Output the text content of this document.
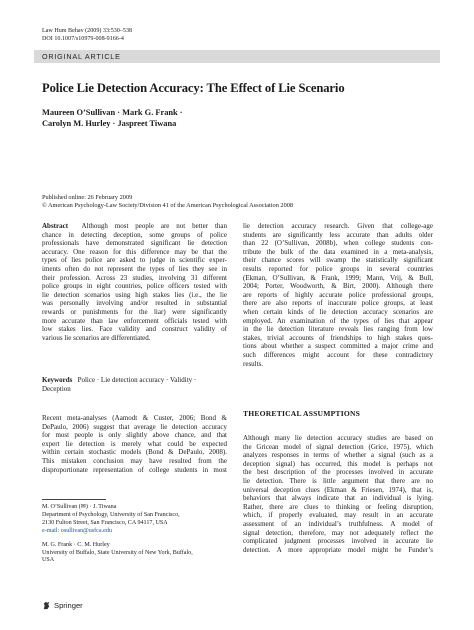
Law Hum Behav (2009) 33:530–538
DOI 10.1007/s10979-008-9166-4
ORIGINAL ARTICLE
Police Lie Detection Accuracy: The Effect of Lie Scenario
Maureen O’Sullivan · Mark G. Frank ·
Carolyn M. Hurley · Jaspreet Tiwana
Published online: 26 February 2009
© American Psychology-Law Society/Division 41 of the American Psychological Association 2008
Abstract Although most people are not better than
chance in detecting deception, some groups of police
professionals have demonstrated significant lie detection
accuracy. One reason for this difference may be that the
types of lies police are asked to judge in scientific exper-
iments often do not represent the types of lies they see in
their profession. Across 23 studies, involving 31 different
police groups in eight countries, police officers tested with
lie detection scenarios using high stakes lies (i.e., the lie
was personally involving and/or resulted in substantial
rewards or punishments for the liar) were significantly
more accurate than law enforcement officials tested with
low stakes lies. Face validity and construct validity of
various lie scenarios are differentiated.
Keywords Police · Lie detection accuracy · Validity ·
Deception
Recent meta-analyses (Aamodt & Custer, 2006; Bond &
DePaulo, 2006) suggest that average lie detection accuracy
for most people is only slightly above chance, and that
expert lie detection is merely what could be expected
within certain stochastic models (Bond & DePaulo, 2008).
This mistaken conclusion may have resulted from the
disproportionate representation of college students in most
M. O’Sullivan (✉) · J. Tiwana
Department of Psychology, University of San Francisco,
2130 Fulton Street, San Francisco, CA 94117, USA
e-mail: osullivan@usfca.edu
M. G. Frank · C. M. Hurley
University of Buffalo, State University of New York, Buffalo,
USA
Springer
lie detection accuracy research. Given that college-age
students are significantly less accurate than adults older
than 22 (O’Sullivan, 2008b), when college students con-
tribute the bulk of the data examined in a meta-analysis,
their chance scores will swamp the statistically significant
results reported for police groups in several countries
(Ekman, O’Sullivan, & Frank, 1999; Mann, Vrij, & Bull,
2004; Porter, Woodworth, & Birt, 2000). Although there
are reports of highly accurate police professional groups,
there are also reports of inaccurate police groups, at least
when certain kinds of lie detection accuracy scenarios are
employed. An examination of the types of lies that appear
in the lie detection literature reveals lies ranging from low
stakes, trivial accounts of friendships to high stakes ques-
tions about whether a suspect committed a major crime and
such differences might account for these contradictory
results.
THEORETICAL ASSUMPTIONS
Although many lie detection accuracy studies are based on
the Gricean model of signal detection (Grice, 1975), which
analyzes responses in terms of whether a signal (such as a
deception signal) has occurred, this model is perhaps not
the best description of the processes involved in accurate
lie detection. There is little argument that there are no
universal deception clues (Ekman & Friesen, 1974), that is,
behaviors that always indicate that an individual is lying.
Rather, there are clues to thinking or feeling disruption,
which, if properly evaluated, may result in an accurate
assessment of an individual’s truthfulness. A model of
signal detection, therefore, may not adequately reflect the
complicated judgment processes involved in accurate lie
detection. A more appropriate model might be Funder’s
